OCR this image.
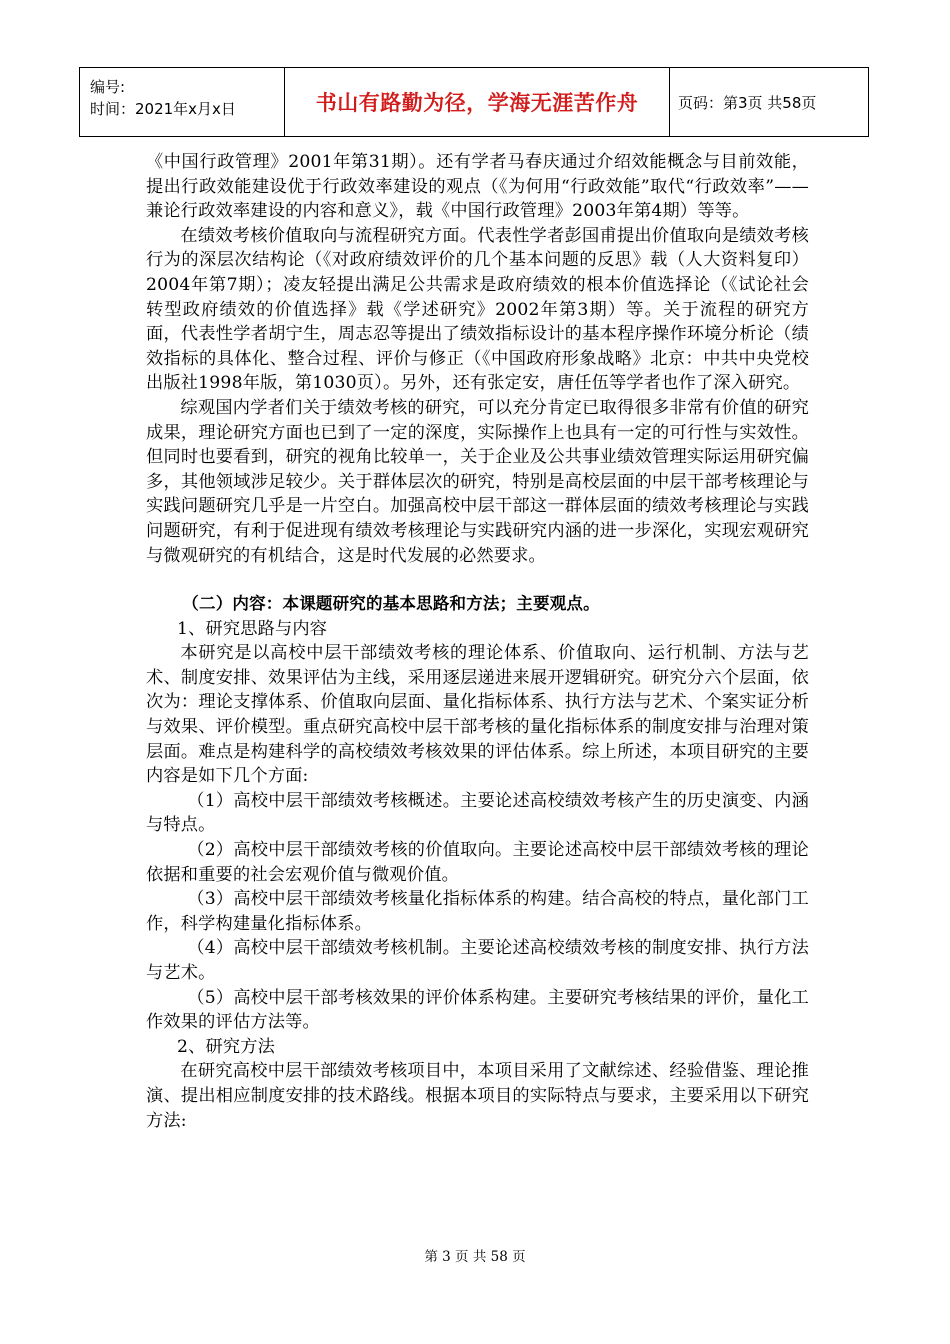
编号:
时间：2021年x月x日	书山有路勤为径，学海无涯苦作舟	页码：第3页 共58页

《中国行政管理》2001年第31期）。还有学者马春庆通过介绍效能概念与目前效能，提出行政效能建设优于行政效率建设的观点（《为何用“行政效能”取代“行政效率”——兼论行政效率建设的内容和意义》，载《中国行政管理》2003年第4期）等等。

在绩效考核价值取向与流程研究方面。代表性学者彭国甫提出价值取向是绩效考核行为的深层次结构论（《对政府绩效评价的几个基本问题的反思》载（人大资料复印）2004年第7期）；凌友轻提出满足公共需求是政府绩效的根本价值选择论（《试论社会转型政府绩效的价值选择》载《学述研究》2002年第3期）等。关于流程的研究方面，代表性学者胡宁生，周志忍等提出了绩效指标设计的基本程序操作环境分析论（绩效指标的具体化、整合过程、评价与修正（《中国政府形象战略》北京：中共中央党校出版社1998年版，第1030页）。另外，还有张定安，唐任伍等学者也作了深入研究。

综观国内学者们关于绩效考核的研究，可以充分肯定已取得很多非常有价值的研究成果，理论研究方面也已到了一定的深度，实际操作上也具有一定的可行性与实效性。但同时也要看到，研究的视角比较单一，关于企业及公共事业绩效管理实际运用研究偏多，其他领域涉足较少。关于群体层次的研究，特别是高校层面的中层干部考核理论与实践问题研究几乎是一片空白。加强高校中层干部这一群体层面的绩效考核理论与实践问题研究，有利于促进现有绩效考核理论与实践研究内涵的进一步深化，实现宏观研究与微观研究的有机结合，这是时代发展的必然要求。

（二）内容：本课题研究的基本思路和方法；主要观点。

1、研究思路与内容

本研究是以高校中层干部绩效考核的理论体系、价值取向、运行机制、方法与艺术、制度安排、效果评估为主线，采用逐层递进来展开逻辑研究。研究分六个层面，依次为：理论支撑体系、价值取向层面、量化指标体系、执行方法与艺术、个案实证分析与效果、评价模型。重点研究高校中层干部考核的量化指标体系的制度安排与治理对策层面。难点是构建科学的高校绩效考核效果的评估体系。综上所述，本项目研究的主要内容是如下几个方面:

（1）高校中层干部绩效考核概述。主要论述高校绩效考核产生的历史演变、内涵与特点。

（2）高校中层干部绩效考核的价值取向。主要论述高校中层干部绩效考核的理论依据和重要的社会宏观价值与微观价值。

（3）高校中层干部绩效考核量化指标体系的构建。结合高校的特点，量化部门工作，科学构建量化指标体系。

（4）高校中层干部绩效考核机制。主要论述高校绩效考核的制度安排、执行方法与艺术。

（5）高校中层干部考核效果的评价体系构建。主要研究考核结果的评价，量化工作效果的评估方法等。

2、研究方法

在研究高校中层干部绩效考核项目中，本项目采用了文献综述、经验借鉴、理论推演、提出相应制度安排的技术路线。根据本项目的实际特点与要求，主要采用以下研究方法:

第 3 页 共 58 页
